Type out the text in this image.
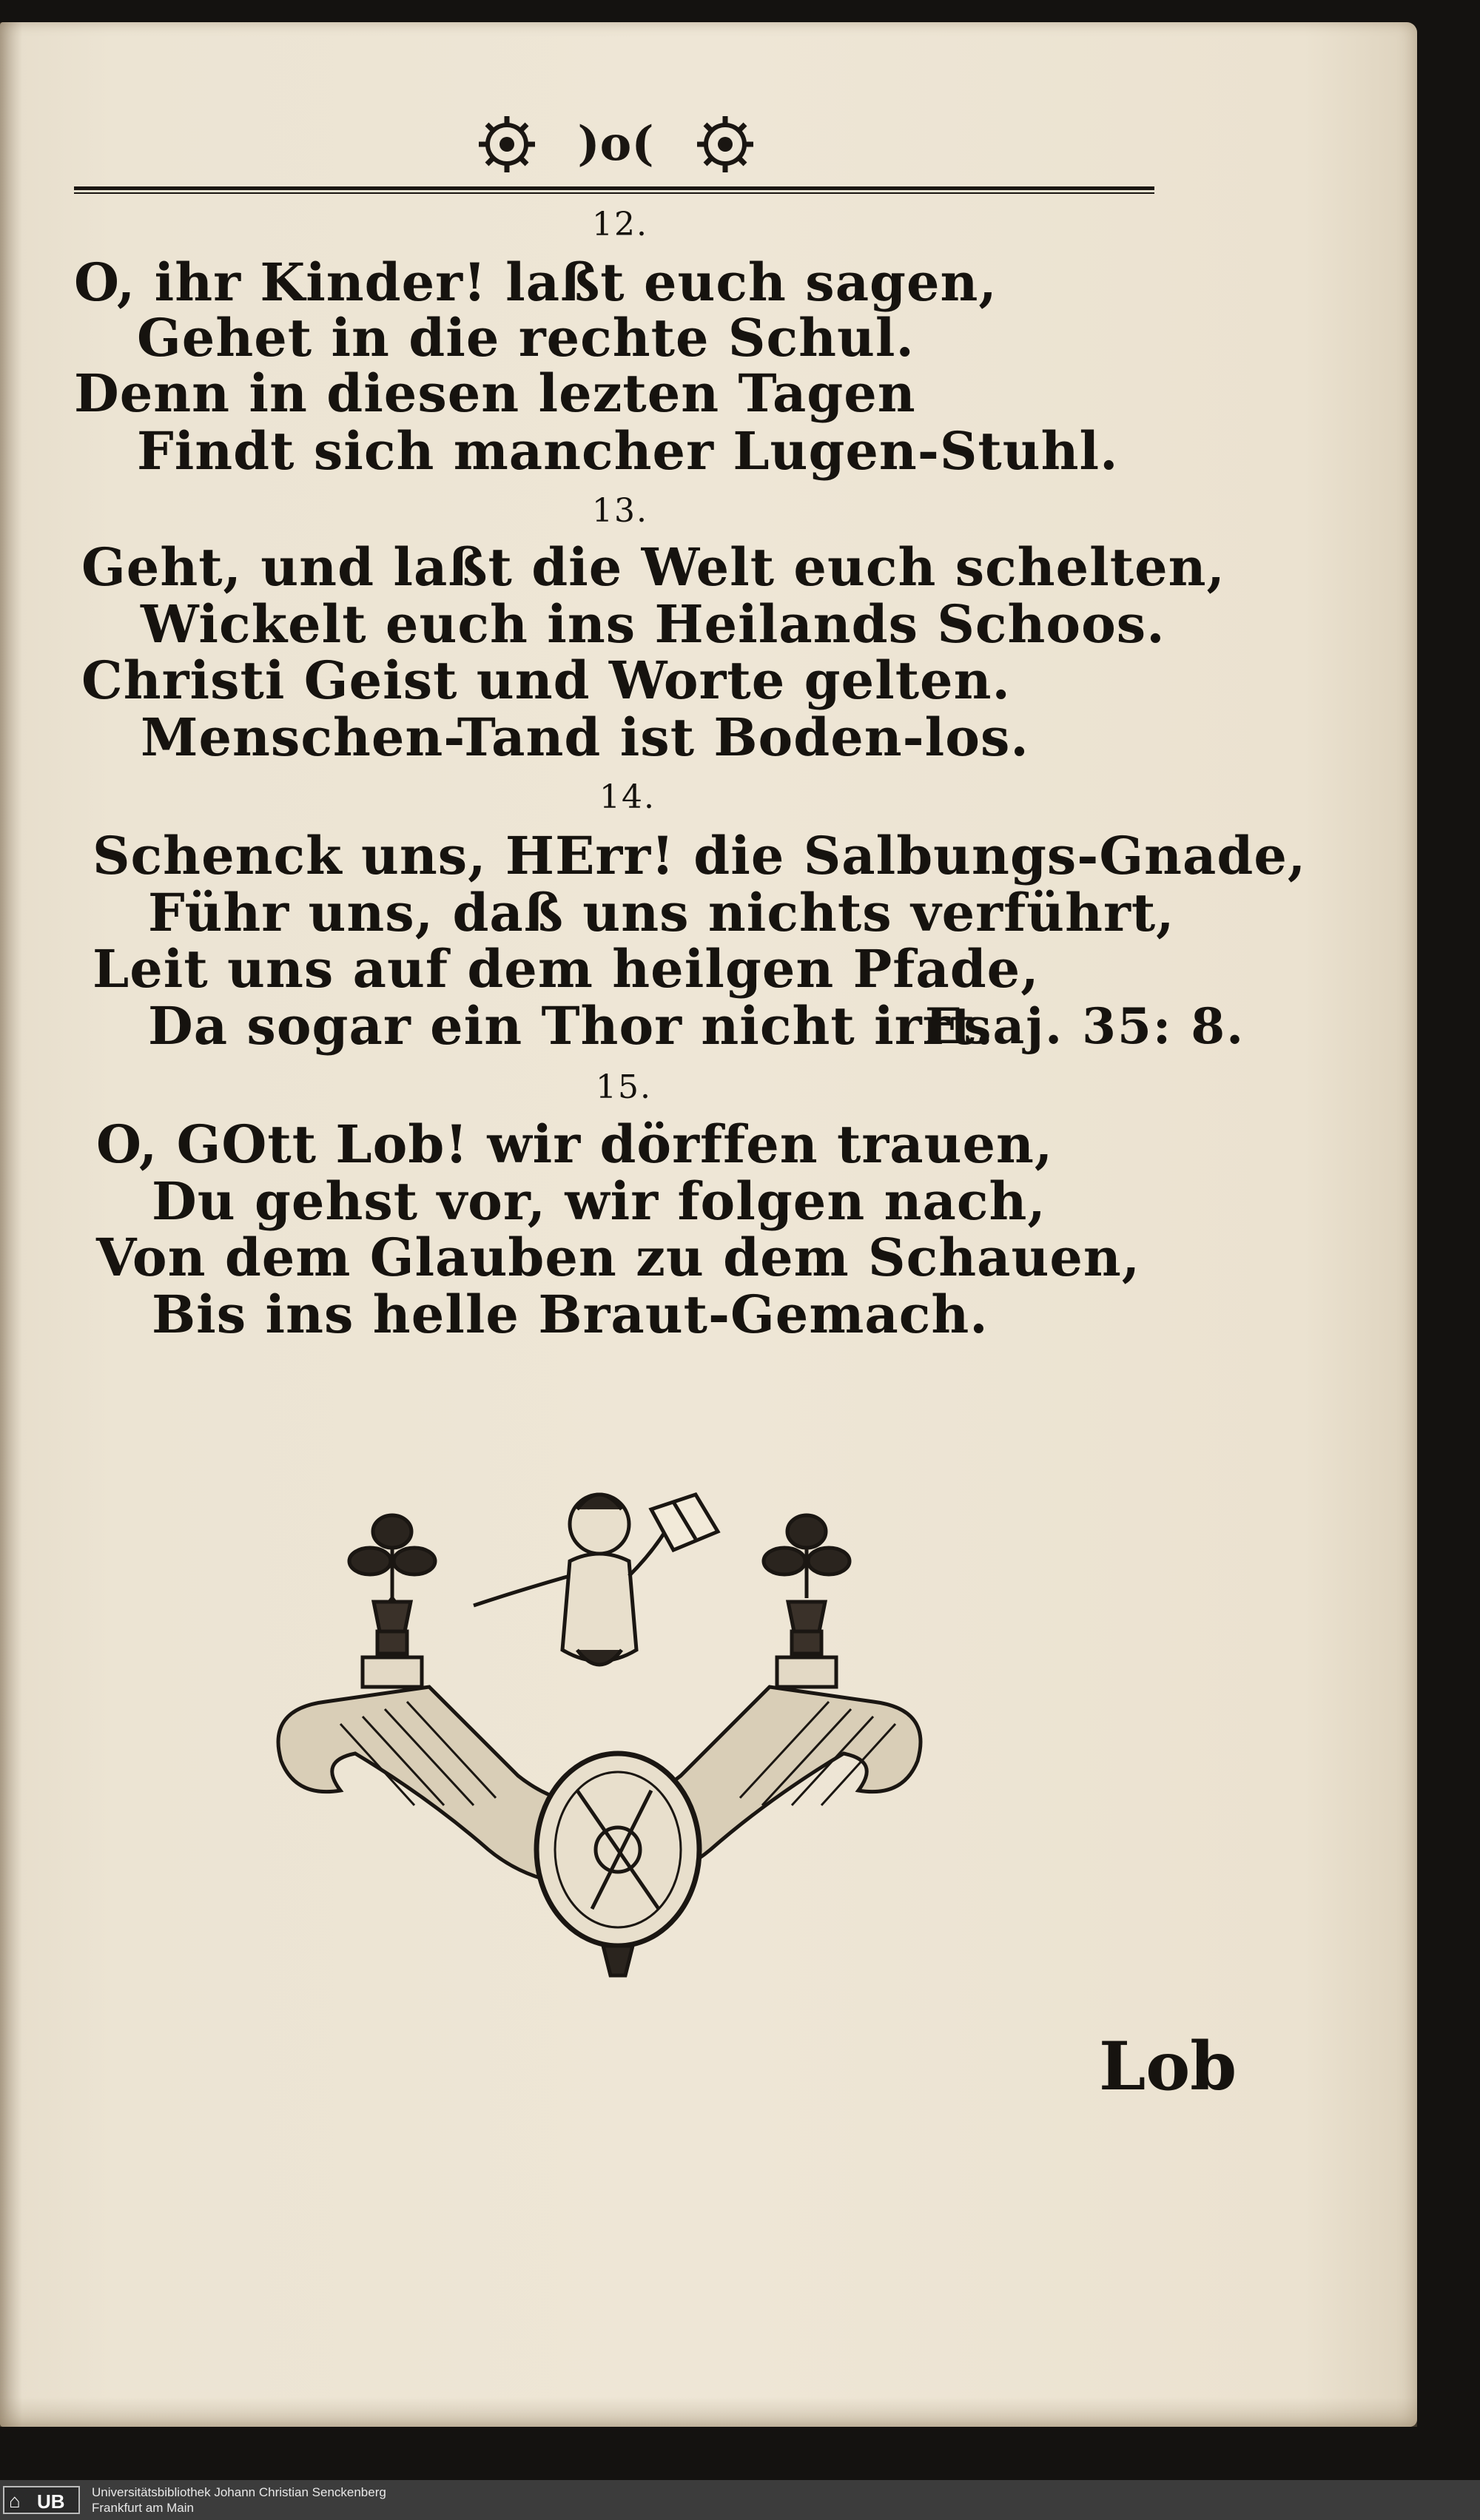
)o(
12.
O, ihr Kinder! laßt euch sagen,
Gehet in die rechte Schul.
Denn in diesen lezten Tagen
Findt sich mancher Lugen-Stuhl.
13.
Geht, und laßt die Welt euch schelten,
Wickelt euch ins Heilands Schoos.
Christi Geist und Worte gelten.
Menschen-Tand ist Boden-los.
14.
Schenck uns, HErr! die Salbungs-Gnade,
Führ uns, daß uns nichts verführt,
Leit uns auf dem heilgen Pfade,
Da sogar ein Thor nicht irrt.
Esaj. 35: 8.
15.
O, GOtt Lob! wir dörffen trauen,
Du gehst vor, wir folgen nach,
Von dem Glauben zu dem Schauen,
Bis ins helle Braut-Gemach.
Lob
⌂ UB Universitätsbibliothek Johann Christian Senckenberg
Frankfurt am Main
